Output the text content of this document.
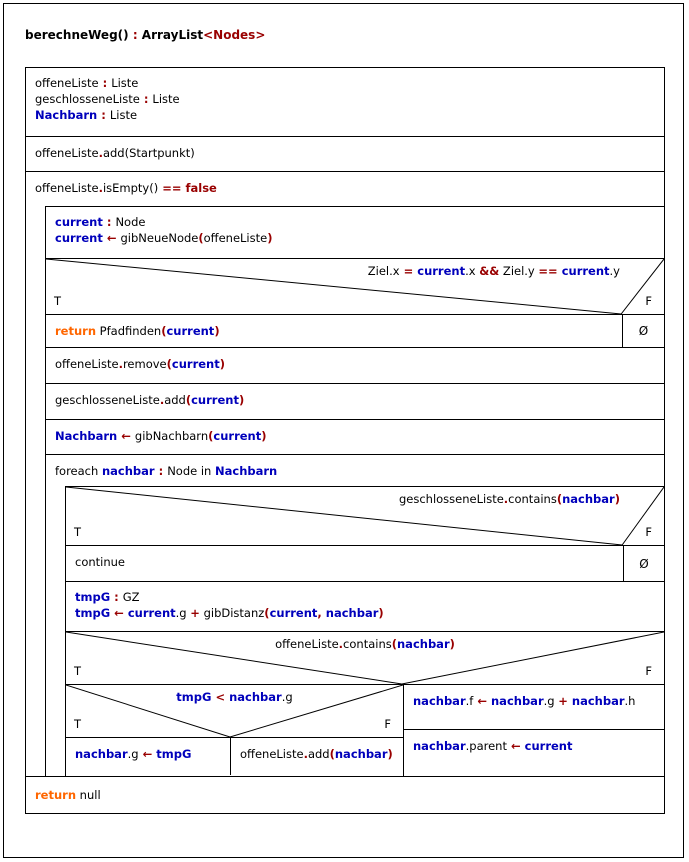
berechneWeg() : ArrayList<Nodes>
offeneListe : Liste
geschlosseneListe : Liste
Nachbarn : Liste
offeneListe.add(Startpunkt)
offeneListe.isEmpty() == false
current : Node
current ← gibNeueNode(offeneListe)
Ziel.x = current.x && Ziel.y == current.y
T	F
return Pfadfinden(current)	Ø
offeneListe.remove(current)
geschlosseneListe.add(current)
Nachbarn ← gibNachbarn(current)
foreach nachbar : Node in Nachbarn
geschlosseneListe.contains(nachbar)
T	F
continue	Ø
tmpG : GZ
tmpG ← current.g + gibDistanz(current, nachbar)
offeneListe.contains(nachbar)
T	F
tmpG < nachbar.g
T	F
nachbar.g ← tmpG	offeneListe.add(nachbar)
nachbar.f ← nachbar.g + nachbar.h
nachbar.parent ← current
return null
